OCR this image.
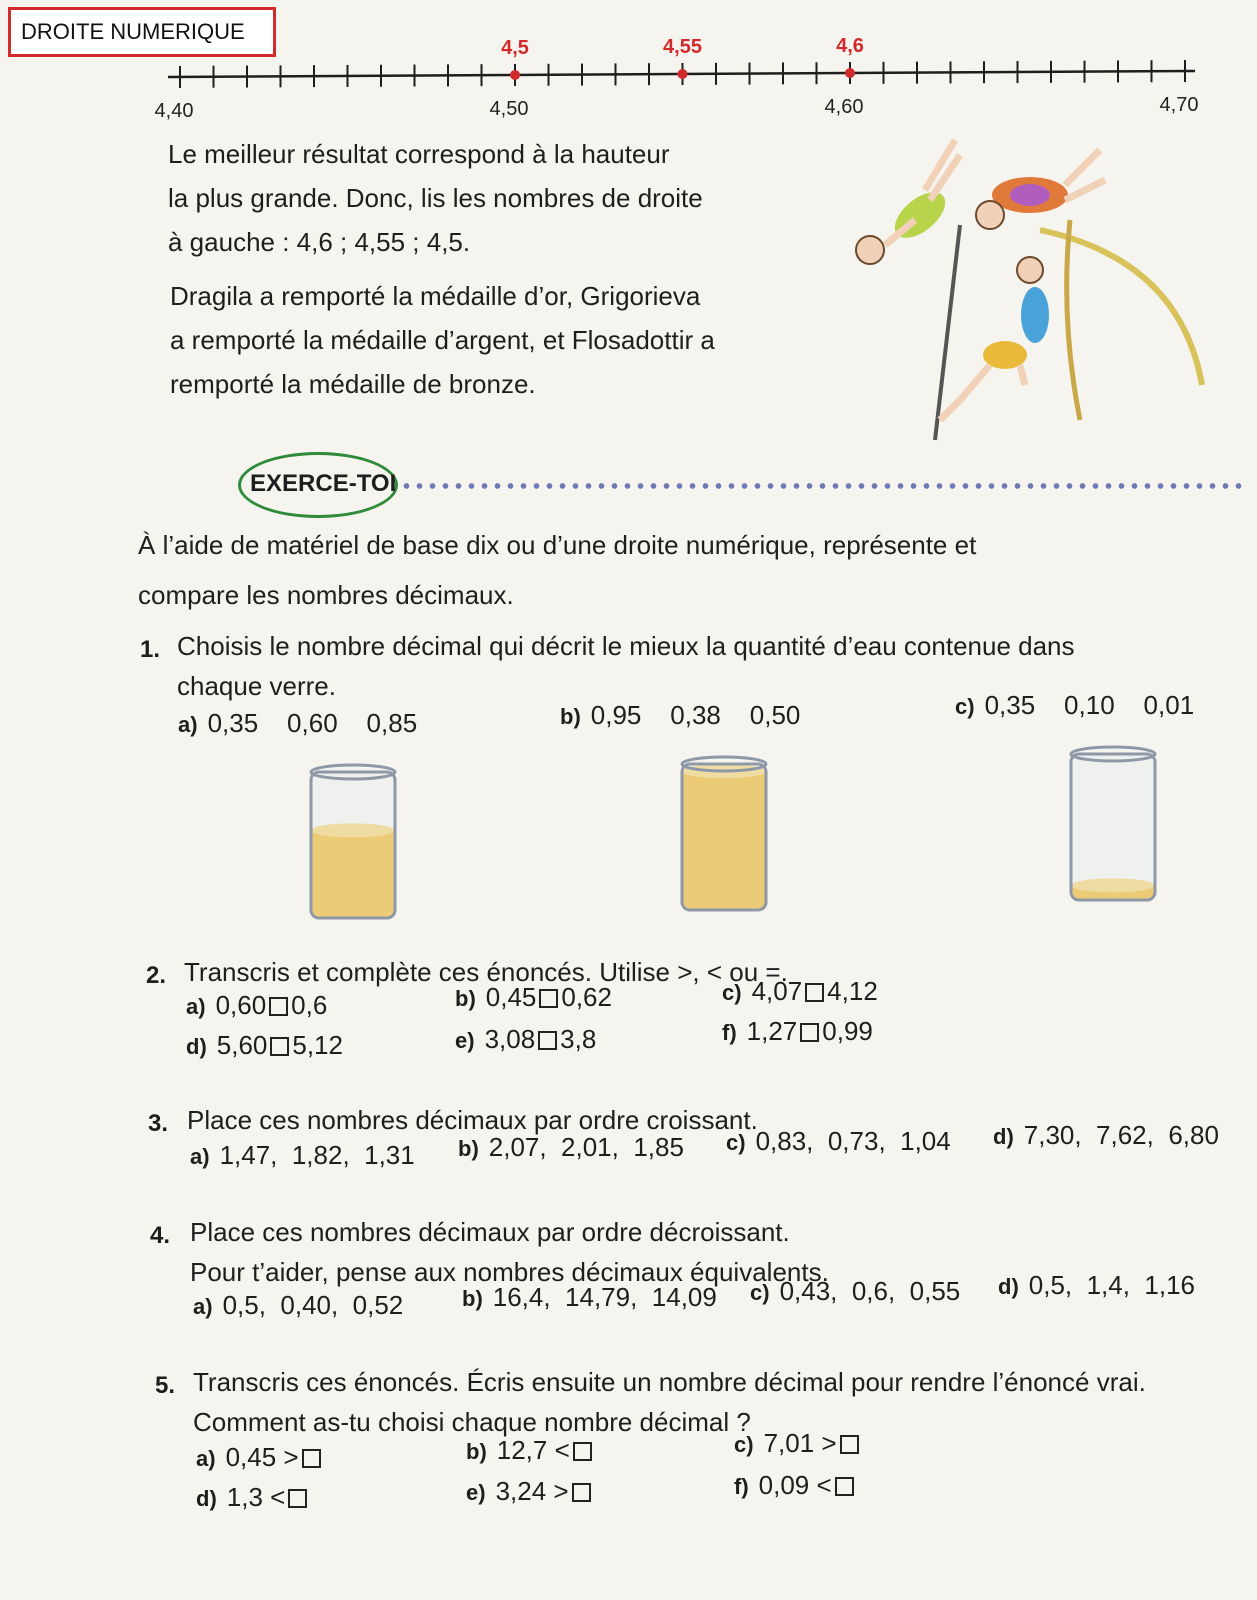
DROITE NUMERIQUE
4,40	4,50	4,60	4,70
4,5	4,55	4,6
Le meilleur résultat correspond à la hauteur
la plus grande. Donc, lis les nombres de droite
à gauche : 4,6 ; 4,55 ; 4,5.
Dragila a remporté la médaille d’or, Grigorieva
a remporté la médaille d’argent, et Flosadottir a
remporté la médaille de bronze.
EXERCE-TOI
À l’aide de matériel de base dix ou d’une droite numérique, représente et
compare les nombres décimaux.
1. Choisis le nombre décimal qui décrit le mieux la quantité d’eau contenue dans
chaque verre.
a) 0,35    0,60    0,85	b) 0,95    0,38    0,50	c) 0,35    0,10    0,01
2. Transcris et complète ces énoncés. Utilise >, < ou =.
a) 0,60 0,6	b) 0,45 0,62	c) 4,07 4,12
d) 5,60 5,12	e) 3,08 3,8	f) 1,27 0,99
3. Place ces nombres décimaux par ordre croissant.
a) 1,47,  1,82,  1,31 b) 2,07,  2,01,  1,85 c) 0,83,  0,73,  1,04 d) 7,30,  7,62,  6,80
4. Place ces nombres décimaux par ordre décroissant.
Pour t’aider, pense aux nombres décimaux équivalents.
a) 0,5,  0,40,  0,52	b) 16,4,  14,79,  14,09 c) 0,43,  0,6,  0,55 d) 0,5,  1,4,  1,16
5. Transcris ces énoncés. Écris ensuite un nombre décimal pour rendre l’énoncé vrai.
Comment as-tu choisi chaque nombre décimal ?
a) 0,45 >	b) 12,7 <	c) 7,01 >
d) 1,3 <	e) 3,24 >	f) 0,09 <
